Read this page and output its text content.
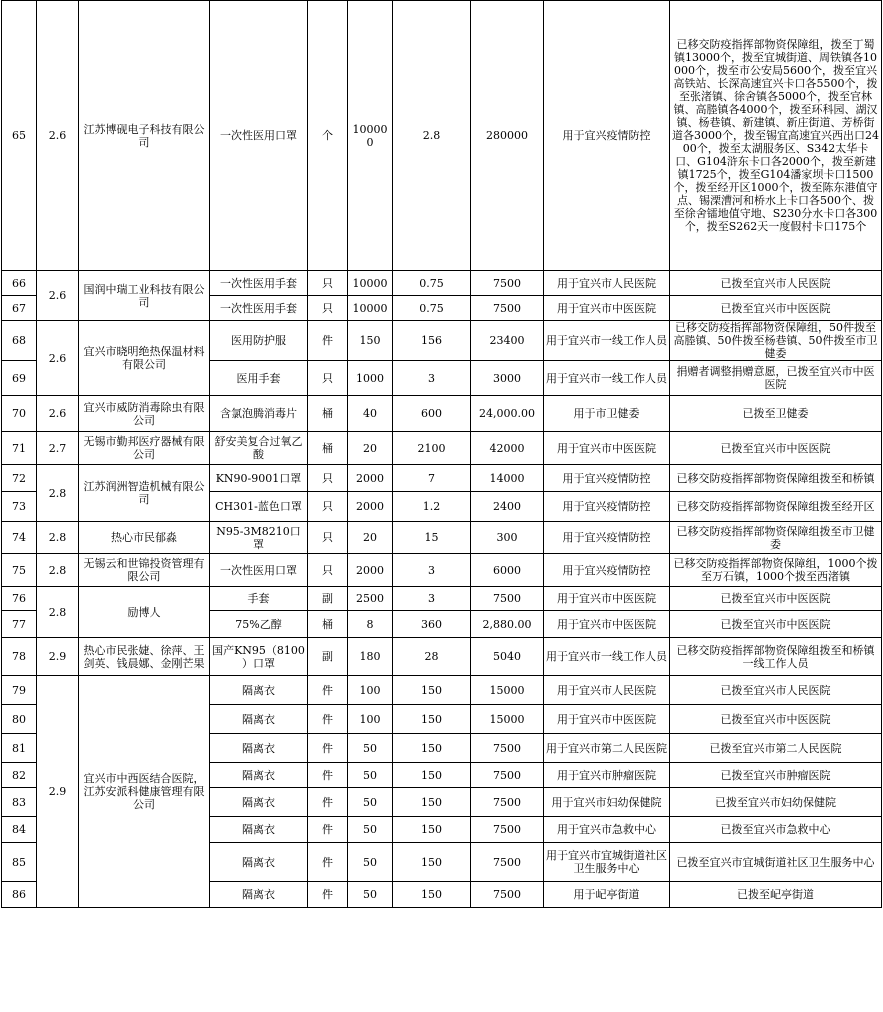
65	2.6	江苏博砚电子科技有限公司	一次性医用口罩	个	100000	2.8	280000	用于宜兴疫情防控	已移交防疫指挥部物资保障组，拨至丁蜀镇13000个，拨至宜城街道、周铁镇各10000个，拨至市公安局5600个，拨至宜兴高铁站、长深高速宜兴卡口各5500个，拨至张渚镇、徐舍镇各5000个，拨至官林镇、高塍镇各4000个，拨至环科园、湖汉镇、杨巷镇、新建镇、新庄街道、芳桥街道各3000个，拨至锡宜高速宜兴西出口2400个，拨至太湖服务区、S342太华卡口、G104浒东卡口各2000个，拨至新建镇1725个，拨至G104潘家坝卡口1500个，拨至经开区1000个，拨至陈东港值守点、锡溧漕河和桥水上卡口各500个、拨至徐舍镭地值守地、S230分水卡口各300个，拨至S262天一度假村卡口175个
66	2.6	国润中瑞工业科技有限公司	一次性医用手套	只	10000	0.75	7500	用于宜兴市人民医院	已拨至宜兴市人民医院
67			一次性医用手套	只	10000	0.75	7500	用于宜兴市中医医院	已拨至宜兴市中医医院
68	2.6	宜兴市晓明绝热保温材料有限公司	医用防护服	件	150	156	23400	用于宜兴市一线工作人员	已移交防疫指挥部物资保障组，50件拨至高塍镇、50件拨至杨巷镇、50件拨至市卫健委
69			医用手套	只	1000	3	3000	用于宜兴市一线工作人员	捐赠者调整捐赠意愿，已拨至宜兴市中医医院
70	2.6	宜兴市威防消毒除虫有限公司	含氯泡腾消毒片	桶	40	600	24,000.00	用于市卫健委	已拨至卫健委
71	2.7	无锡市勤邦医疗器械有限公司	舒安美复合过氧乙酸	桶	20	2100	42000	用于宜兴市中医医院	已拨至宜兴市中医医院
72	2.8	江苏润洲智造机械有限公司	KN90-9001口罩	只	2000	7	14000	用于宜兴疫情防控	已移交防疫指挥部物资保障组拨至和桥镇
73			CH301-蓝色口罩	只	2000	1.2	2400	用于宜兴疫情防控	已移交防疫指挥部物资保障组拨至经开区
74	2.8	热心市民郁淼	N95-3M8210口罩	只	20	15	300	用于宜兴疫情防控	已移交防疫指挥部物资保障组拨至市卫健委
75	2.8	无锡云和世锦投资管理有限公司	一次性医用口罩	只	2000	3	6000	用于宜兴疫情防控	已移交防疫指挥部物资保障组，1000个拨至万石镇，1000个拨至西渚镇
76	2.8	励博人	手套	副	2500	3	7500	用于宜兴市中医医院	已拨至宜兴市中医医院
77			75%乙醇	桶	8	360	2,880.00	用于宜兴市中医医院	已拨至宜兴市中医医院
78	2.9	热心市民张婕、徐萍、王剑英、钱晨娜、金刚芒果	国产KN95（8100 ）口罩	副	180	28	5040	用于宜兴市一线工作人员	已移交防疫指挥部物资保障组拨至和桥镇一线工作人员
79	2.9	宜兴市中西医结合医院，江苏安派科健康管理有限公司	隔离衣	件	100	150	15000	用于宜兴市人民医院	已拨至宜兴市人民医院
80			隔离衣	件	100	150	15000	用于宜兴市中医医院	已拨至宜兴市中医医院
81			隔离衣	件	50	150	7500	用于宜兴市第二人民医院	已拨至宜兴市第二人民医院
82			隔离衣	件	50	150	7500	用于宜兴市肿瘤医院	已拨至宜兴市肿瘤医院
83			隔离衣	件	50	150	7500	用于宜兴市妇幼保健院	已拨至宜兴市妇幼保健院
84			隔离衣	件	50	150	7500	用于宜兴市急救中心	已拨至宜兴市急救中心
85			隔离衣	件	50	150	7500	用于宜兴市宜城街道社区卫生服务中心	已拨至宜兴市宜城街道社区卫生服务中心
86			隔离衣	件	50	150	7500	用于屺亭街道	已拨至屺亭街道
